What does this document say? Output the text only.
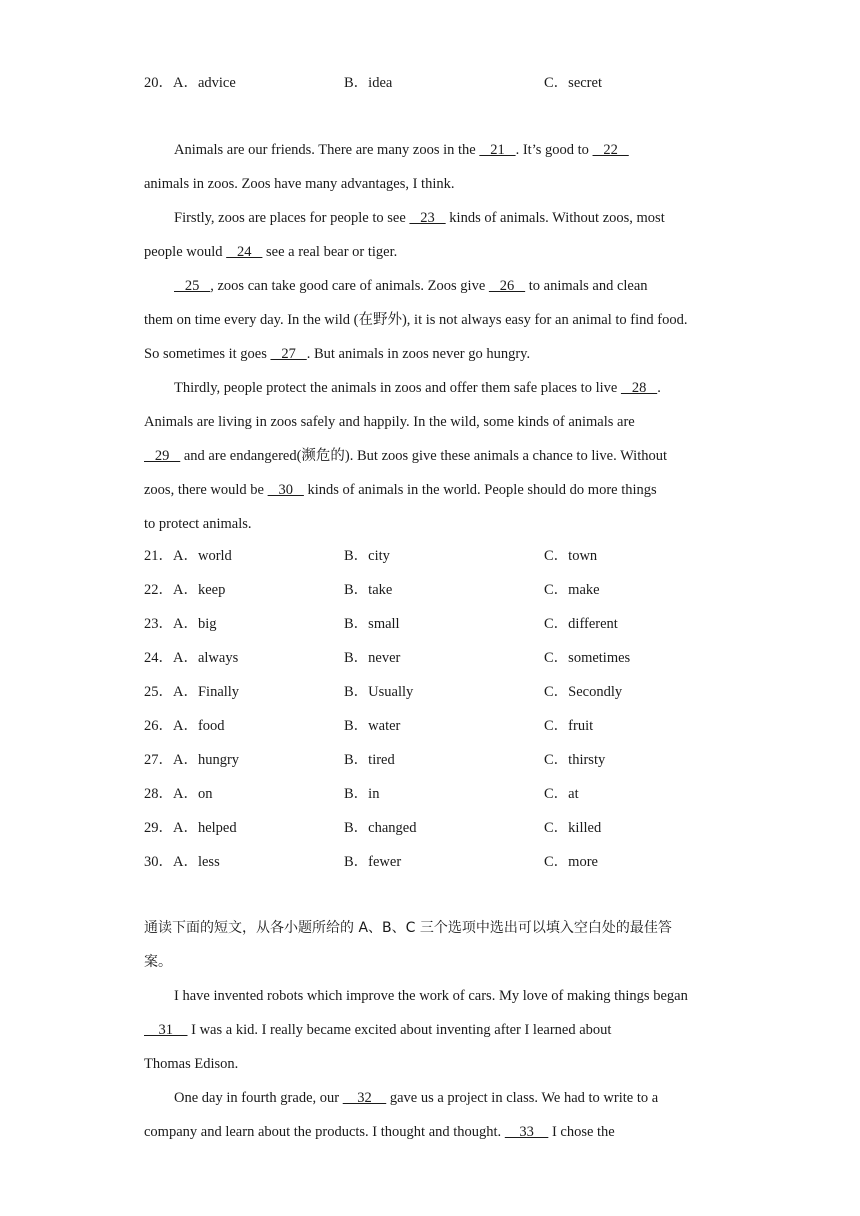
20．A．advice	B．idea	C．secret
Animals are our friends. There are many zoos in the    21   . It’s good to    22
animals in zoos. Zoos have many advantages, I think.
Firstly, zoos are places for people to see    23    kinds of animals. Without zoos, most
people would    24    see a real bear or tiger.
25   , zoos can take good care of animals. Zoos give    26    to animals and clean
them on time every day. In the wild (在野外), it is not always easy for an animal to find food.
So sometimes it goes    27   . But animals in zoos never go hungry.
Thirdly, people protect the animals in zoos and offer them safe places to live    28   .
Animals are living in zoos safely and happily. In the wild, some kinds of animals are
29    and are endangered(濒危的). But zoos give these animals a chance to live. Without
zoos, there would be    30    kinds of animals in the world. People should do more things
to protect animals.
21．A．world	B．city	C．town
22．A．keep	B．take	C．make
23．A．big	B．small	C．different
24．A．always	B．never	C．sometimes
25．A．Finally	B．Usually	C．Secondly
26．A．food	B．water	C．fruit
27．A．hungry	B．tired	C．thirsty
28．A．on	B．in	C．at
29．A．helped	B．changed	C．killed
30．A．less	B．fewer	C．more
通读下面的短文，从各小题所给的 A、B、C 三个选项中选出可以填入空白处的最佳答
案。
I have invented robots which improve the work of cars. My love of making things began
31     I was a kid. I really became excited about inventing after I learned about
Thomas Edison.
One day in fourth grade, our     32     gave us a project in class. We had to write to a
company and learn about the products. I thought and thought.     33     I chose the
